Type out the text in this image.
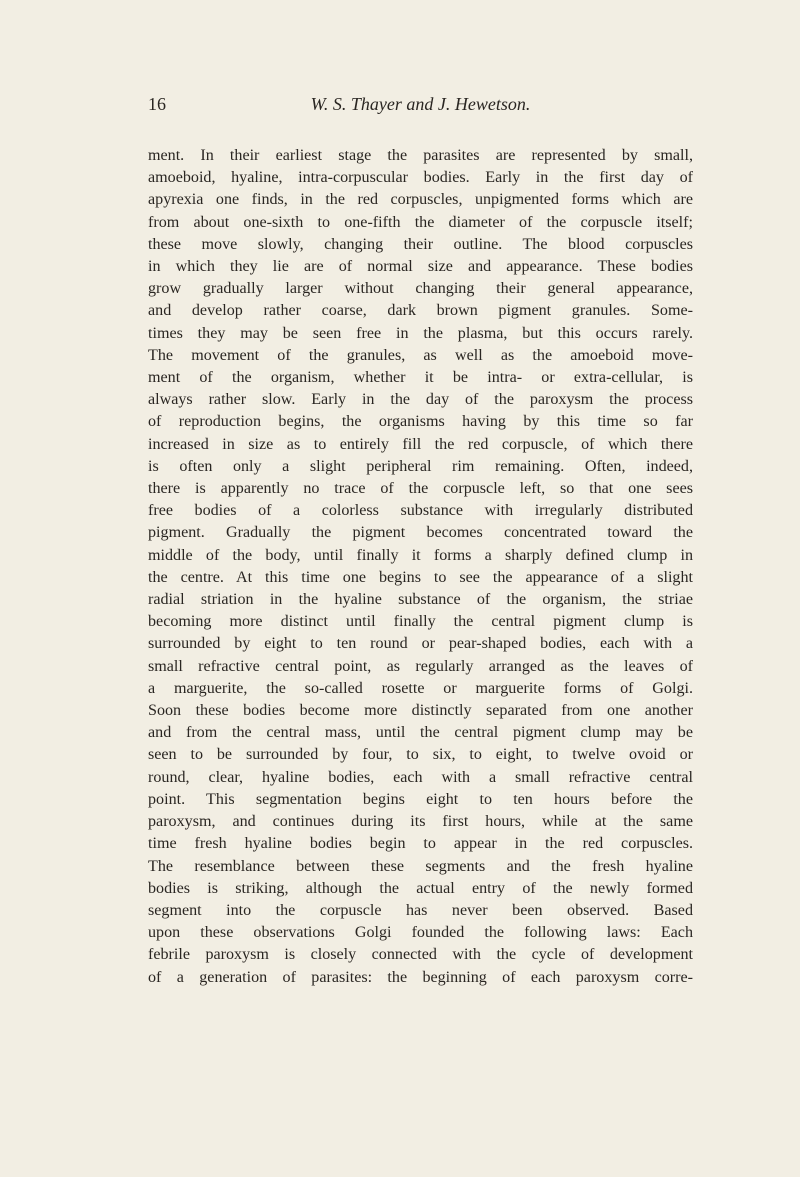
16	W. S. Thayer and J. Hewetson.
ment. In their earliest stage the parasites are represented by small,
amoeboid, hyaline, intra-corpuscular bodies. Early in the first day of
apyrexia one finds, in the red corpuscles, unpigmented forms which are
from about one-sixth to one-fifth the diameter of the corpuscle itself;
these move slowly, changing their outline. The blood corpuscles
in which they lie are of normal size and appearance. These bodies
grow gradually larger without changing their general appearance,
and develop rather coarse, dark brown pigment granules. Some-
times they may be seen free in the plasma, but this occurs rarely.
The movement of the granules, as well as the amoeboid move-
ment of the organism, whether it be intra- or extra-cellular, is
always rather slow. Early in the day of the paroxysm the process
of reproduction begins, the organisms having by this time so far
increased in size as to entirely fill the red corpuscle, of which there
is often only a slight peripheral rim remaining. Often, indeed,
there is apparently no trace of the corpuscle left, so that one sees
free bodies of a colorless substance with irregularly distributed
pigment. Gradually the pigment becomes concentrated toward the
middle of the body, until finally it forms a sharply defined clump in
the centre. At this time one begins to see the appearance of a slight
radial striation in the hyaline substance of the organism, the striae
becoming more distinct until finally the central pigment clump is
surrounded by eight to ten round or pear-shaped bodies, each with a
small refractive central point, as regularly arranged as the leaves of
a marguerite, the so-called rosette or marguerite forms of Golgi.
Soon these bodies become more distinctly separated from one another
and from the central mass, until the central pigment clump may be
seen to be surrounded by four, to six, to eight, to twelve ovoid or
round, clear, hyaline bodies, each with a small refractive central
point. This segmentation begins eight to ten hours before the
paroxysm, and continues during its first hours, while at the same
time fresh hyaline bodies begin to appear in the red corpuscles.
The resemblance between these segments and the fresh hyaline
bodies is striking, although the actual entry of the newly formed
segment into the corpuscle has never been observed. Based
upon these observations Golgi founded the following laws: Each
febrile paroxysm is closely connected with the cycle of development
of a generation of parasites: the beginning of each paroxysm corre-
